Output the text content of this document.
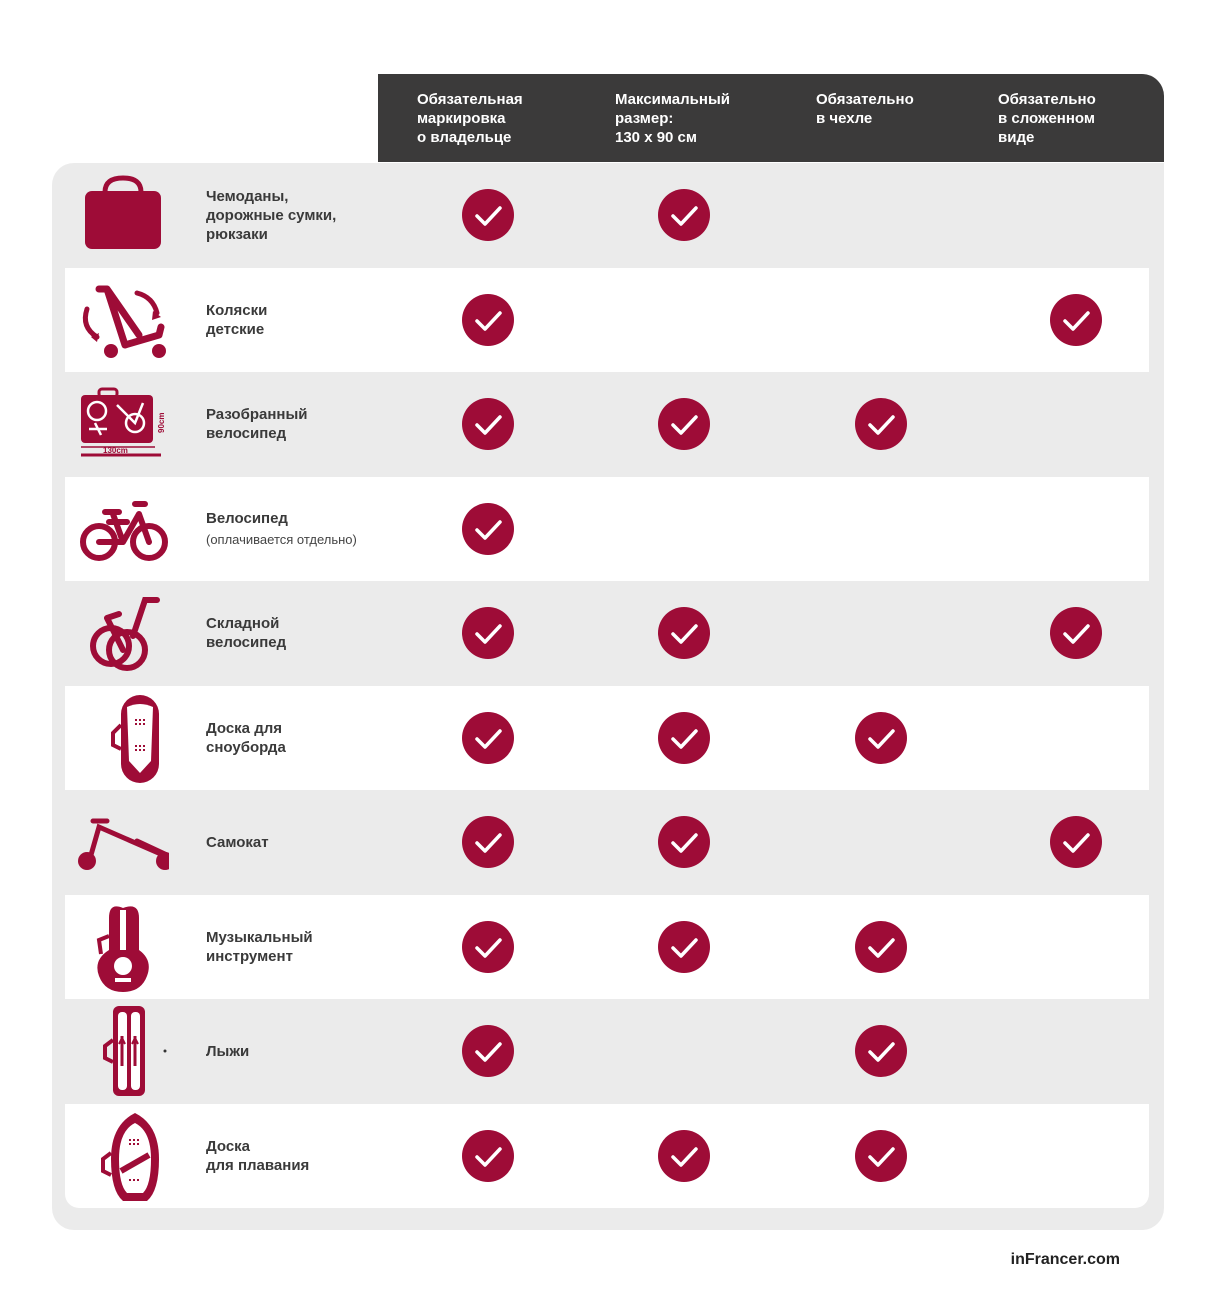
Обязательная
маркировка
о владельце
Максимальный
размер:
130 х 90 см
Обязательно
в чехле
Обязательно
в сложенном
виде
Чемоданы,
дорожные сумки,
рюкзаки
Коляски
детские
130cm
90cm	Разобранный
велосипед
Велосипед
(оплачивается отдельно)
Складной
велосипед
Доска для
сноуборда
Самокат
Музыкальный
инструмент
Лыжи
Доска
для плавания
inFrancer.com
